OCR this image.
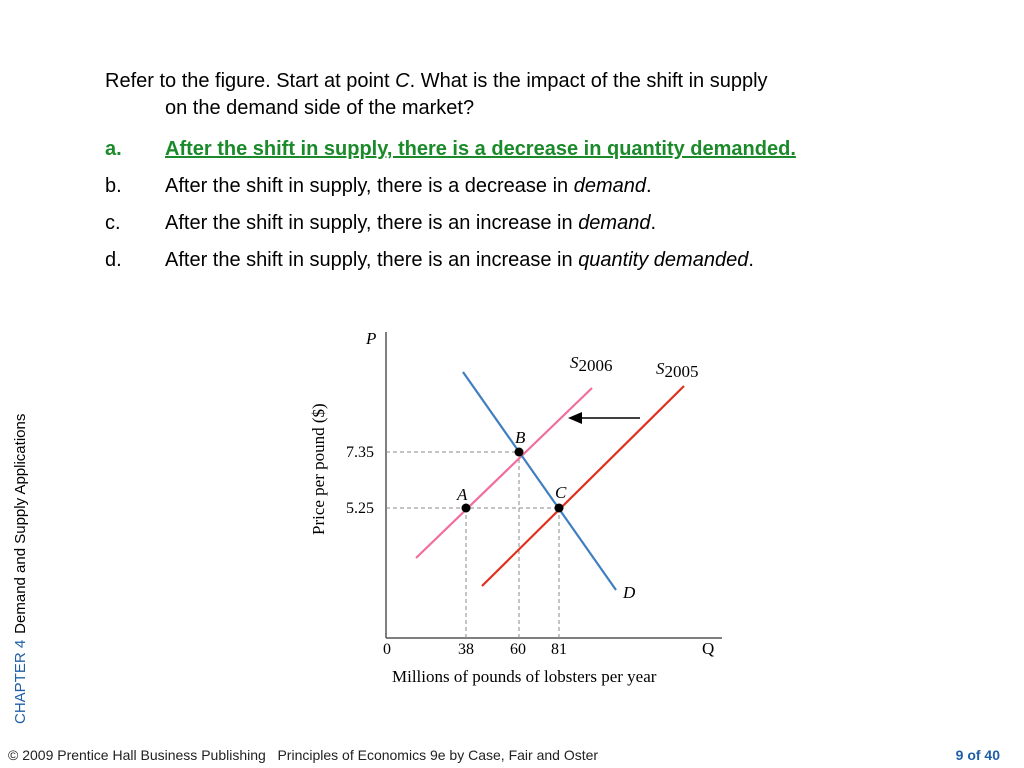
Refer to the figure. Start at point C. What is the impact of the shift in supply
on the demand side of the market?
a. After the shift in supply, there is a decrease in quantity demanded.
b. After the shift in supply, there is a decrease in demand.
c. After the shift in supply, there is an increase in demand.
d. After the shift in supply, there is an increase in quantity demanded.
CHAPTER 4Demand and Supply Applications
P
Q
0
Price per pound ($)
Millions of pounds of lobsters per year
7.35
5.25
38 60 81
S2006	S2005
D
A
B
C
© 2009 Prentice Hall Business Publishing Principles of Economics 9e by Case, Fair and Oster	9 of 40
